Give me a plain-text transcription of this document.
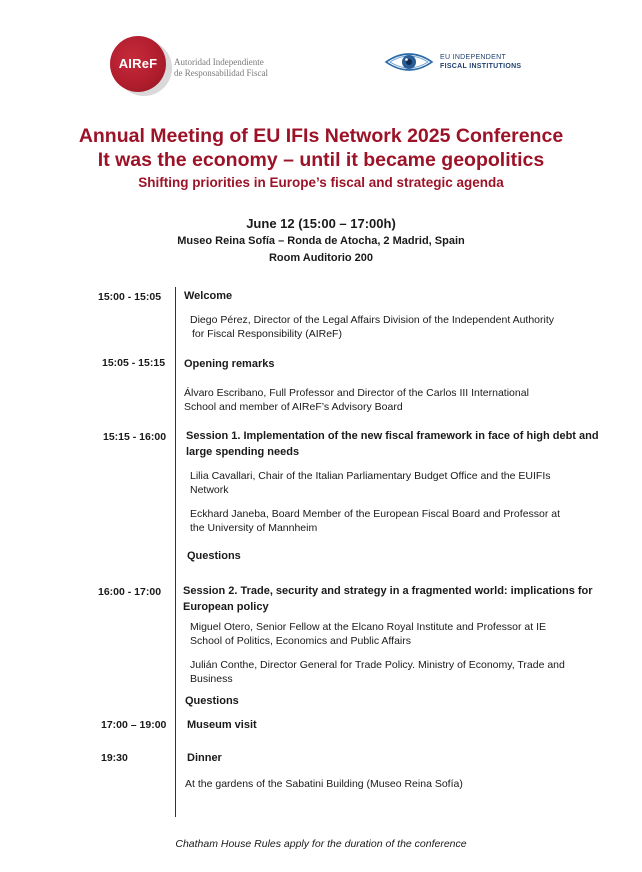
AIReF	Autoridad Independiente
de Responsabilidad Fiscal
EU INDEPENDENT
FISCAL INSTITUTIONS
Annual Meeting of EU IFIs Network 2025 Conference
It was the economy – until it became geopolitics
Shifting priorities in Europe’s fiscal and strategic agenda
June 12 (15:00 – 17:00h)
Museo Reina Sofía – Ronda de Atocha, 2 Madrid, Spain
Room Auditorio 200
15:00 - 15:05 Welcome
Diego Pérez, Director of the Legal Affairs Division of the Independent Authority
for Fiscal Responsibility (AIReF)
15:05 - 15:15 Opening remarks
Álvaro Escribano, Full Professor and Director of the Carlos III International
School and member of AIReF’s Advisory Board
15:15 - 16:00 Session 1. Implementation of the new fiscal framework in face of high debt and
large spending needs
Lilia Cavallari, Chair of the Italian Parliamentary Budget Office and the EUIFIs
Network
Eckhard Janeba, Board Member of the European Fiscal Board and Professor at
the University of Mannheim
Questions
16:00 - 17:00 Session 2. Trade, security and strategy in a fragmented world: implications for
European policy
Miguel Otero, Senior Fellow at the Elcano Royal Institute and Professor at IE
School of Politics, Economics and Public Affairs
Julián Conthe, Director General for Trade Policy. Ministry of Economy, Trade and
Business
Questions
17:00 – 19:00 Museum visit
19:30	Dinner
At the gardens of the Sabatini Building (Museo Reina Sofía)
Chatham House Rules apply for the duration of the conference
